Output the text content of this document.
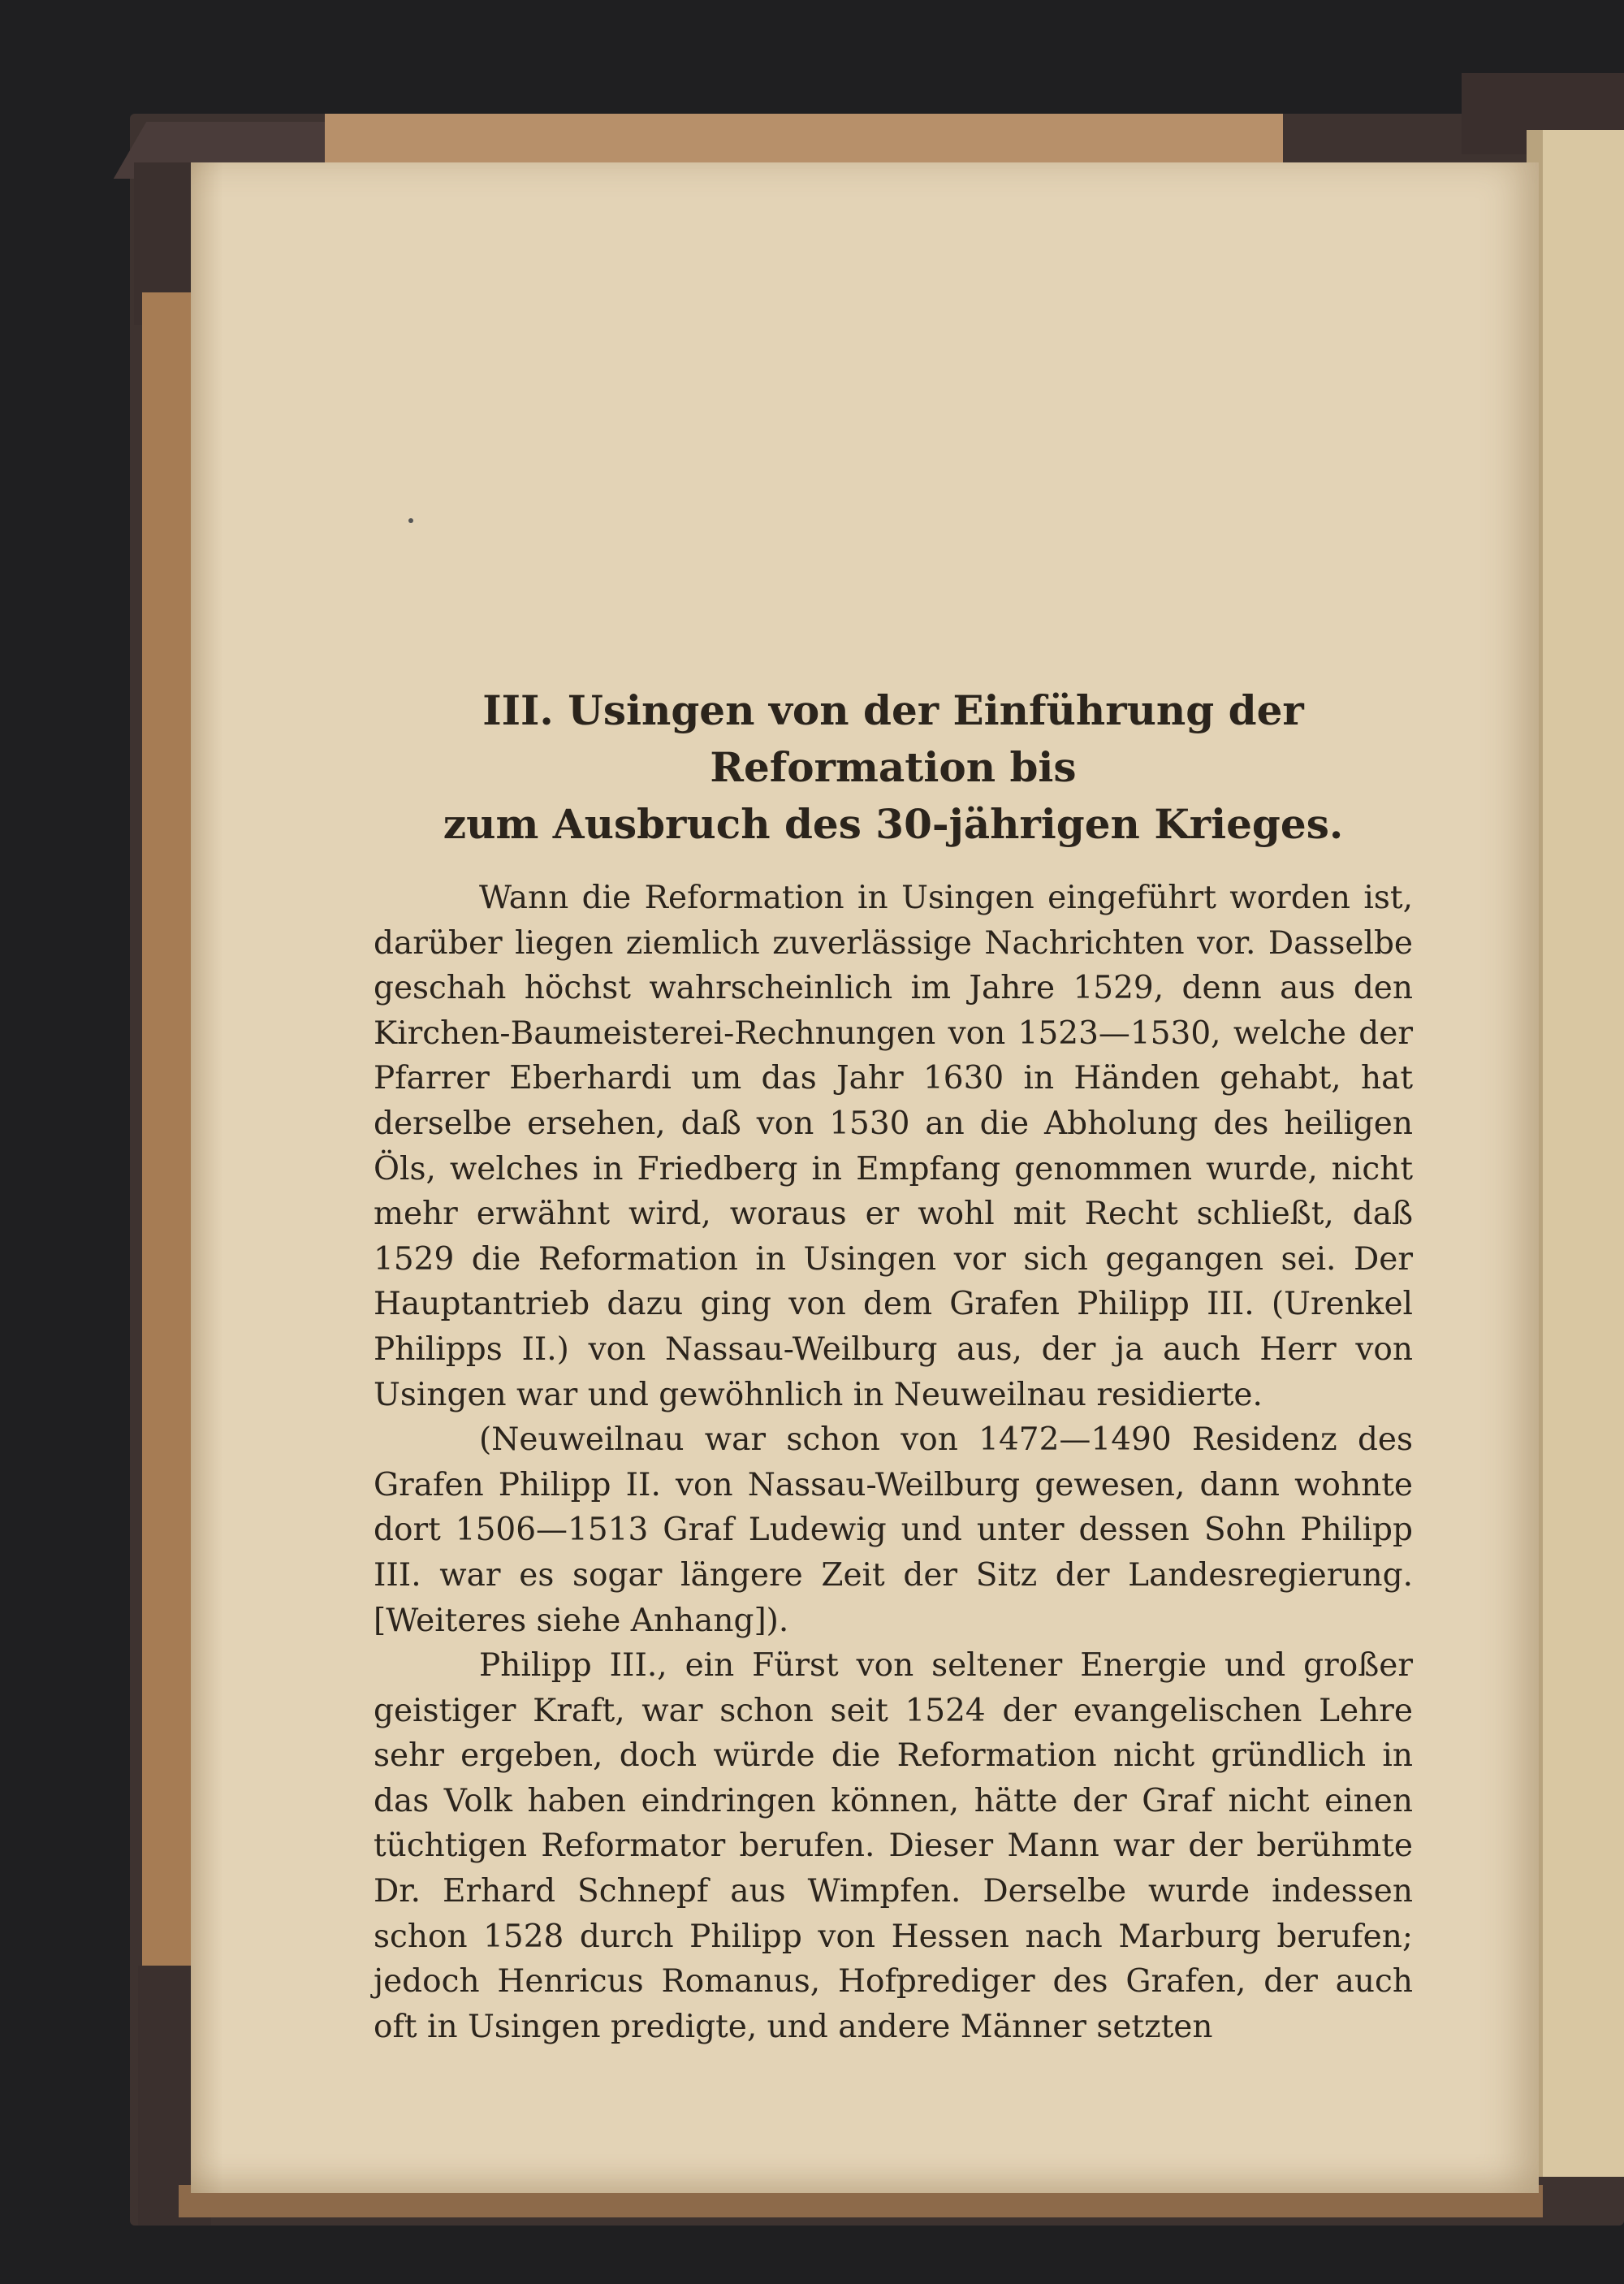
III. Usingen von der Einführung der Reformation bis
zum Ausbruch des 30-jährigen Krieges.

Wann die Reformation in Usingen eingeführt worden ist, darüber liegen ziemlich zuverlässige Nachrichten vor. Dasselbe geschah höchst wahrscheinlich im Jahre 1529, denn aus den Kirchen-Baumeisterei-Rechnungen von 1523—1530, welche der Pfarrer Eberhardi um das Jahr 1630 in Händen gehabt, hat derselbe ersehen, daß von 1530 an die Abholung des heiligen Öls, welches in Friedberg in Empfang genommen wurde, nicht mehr erwähnt wird, woraus er wohl mit Recht schließt, daß 1529 die Reformation in Usingen vor sich gegangen sei. Der Hauptantrieb dazu ging von dem Grafen Philipp III. (Urenkel Philipps II.) von Nassau-Weilburg aus, der ja auch Herr von Usingen war und gewöhnlich in Neuweilnau residierte.

(Neuweilnau war schon von 1472—1490 Residenz des Grafen Philipp II. von Nassau-Weilburg gewesen, dann wohnte dort 1506—1513 Graf Ludewig und unter dessen Sohn Philipp III. war es sogar längere Zeit der Sitz der Landesregierung. [Weiteres siehe Anhang]).

Philipp III., ein Fürst von seltener Energie und großer geistiger Kraft, war schon seit 1524 der evangelischen Lehre sehr ergeben, doch würde die Reformation nicht gründlich in das Volk haben eindringen können, hätte der Graf nicht einen tüchtigen Reformator berufen. Dieser Mann war der berühmte Dr. Erhard Schnepf aus Wimpfen. Derselbe wurde indessen schon 1528 durch Philipp von Hessen nach Marburg berufen; jedoch Henricus Romanus, Hofprediger des Grafen, der auch oft in Usingen predigte, und andere Männer setzten
